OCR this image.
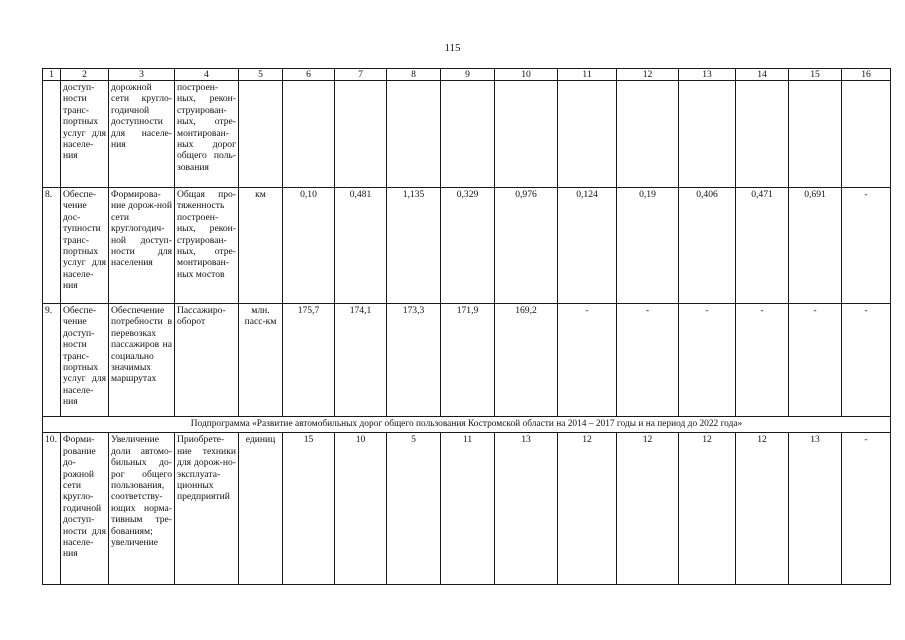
115
1	2	3	4	5	6	7	8	9	10	11	12	13	14	15	16
	доступ-ности транс-портных услуг для населе-ния	дорожной сети кругло-годичной доступности для населе-ния	построен-ных, рекон-струирован-ных, отре-монтирован-ных дорог общего поль-зования												
8.	Обеспе-чение дос-тупности транс-портных услуг для населе-ния	Формирова-ние дорож-ной сети круглогодич-ной доступ-ности для населения	Общая про-тяженность построен-ных, рекон-струирован-ных, отре-монтирован-ных мостов	км	0,10	0,481	1,135	0,329	0,976	0,124	0,19	0,406	0,471	0,691	-
9.	Обеспе-чение доступ-ности транс-портных услуг для населе-ния	Обеспечение потребности в перевозках пассажиров на социально значимых маршрутах	Пассажиро-оборот	млн. пасс-км	175,7	174,1	173,3	171,9	169,2	-	-	-	-	-	-
Подпрограмма «Развитие автомобильных дорог общего пользования Костромской области на 2014 – 2017 годы и на период до 2022 года»															
10.	Форми-рование до-рожной сети кругло-годичной доступ-ности для населе-ния	Увеличение доли автомо-бильных до-рог общего пользования, соответству-ющих норма-тивным тре-бованиям; увеличение	Приобрете-ние техники для дорож-но-эксплуата-ционных предприятий	единиц	15	10	5	11	13	12	12	12	12	13	-
